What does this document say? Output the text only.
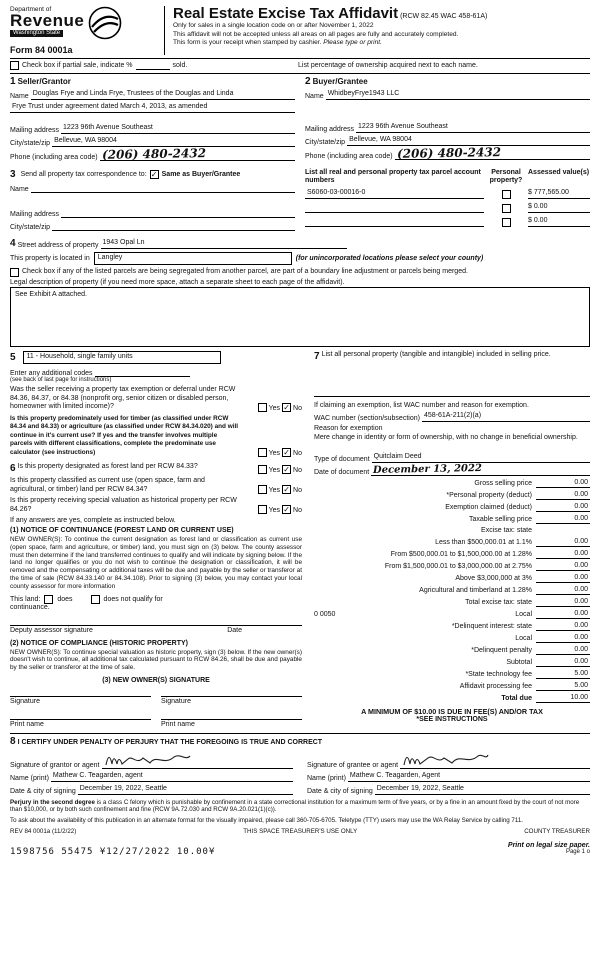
Department of
Revenue
Washington State
Form 84 0001a
Real Estate Excise Tax Affidavit (RCW 82.45 WAC 458-61A)
Only for sales in a single location code on or after November 1, 2022
This affidavit will not be accepted unless all areas on all pages are fully and accurately completed.
This form is your receipt when stamped by cashier. Please type or print.
Check box if partial sale, indicate %	sold.	List percentage of ownership acquired next to each name.
1 Seller/Grantor
Name Douglas Frye and Linda Frye, Trustees of the Douglas and Linda
Frye Trust under agreement dated March 4, 2013, as amended
Mailing address 1223 96th Avenue Southeast
City/state/zip Bellevue, WA 98004
Phone (including area code) (206) 480-2432
2 Buyer/Grantee
Name WhidbeyFrye1943 LLC
Mailing address 1223 96th Avenue Southeast
City/state/zip Bellevue, WA 98004
Phone (including area code) (206) 480-2432
3 Send all property tax correspondence to: ✓ Same as Buyer/Grantee
Name
Mailing address
City/state/zip
List all real and personal property tax parcel account numbers
Personal property?
Assessed value(s)
S6060-03-00016-0	$ 777,565.00
$ 0.00
$ 0.00
4 Street address of property 1943 Opal Ln
This property is located in	Langley	(for unincorporated locations please select your county)
Check box if any of the listed parcels are being segregated from another parcel, are part of a boundary line adjustment or parcels being merged.
Legal description of property (if you need more space, attach a separate sheet to each page of the affidavit).
See Exhibit A attached.
5	11 - Household, single family units
Enter any additional codes
(see back of last page for instructions)
Was the seller receiving a property tax exemption or deferral under RCW 84.36, 84.37, or 84.38 (nonprofit org, senior citizen or disabled person, homeowner with limited income)?	Yes ✓ No
Is this property predominately used for timber (as classified under RCW 84.34 and 84.33) or agriculture (as classified under RCW 84.34.020) and will continue in it's current use? If yes and the transfer involves multiple parcels with different classifications, complete the predominate use calculator (see instructions)	Yes ✓ No
6 Is this property designated as forest land per RCW 84.33?
Yes ✓ No
Is this property classified as current use (open space, farm and agricultural, or timber) land per RCW 84.34?	Yes ✓ No
Is this property receiving special valuation as historical property per RCW 84.26?	Yes ✓ No
If any answers are yes, complete as instructed below.
(1) NOTICE OF CONTINUANCE (FOREST LAND OR CURRENT USE)
NEW OWNER(S): To continue the current designation as forest land or classification as current use (open space, farm and agriculture, or timber) land, you must sign on (3) below. The county assessor must then determine if the land transferred continues to qualify and will indicate by signing below. If the land no longer qualifies or you do not wish to continue the designation or classification, it will be removed and the compensating or additional taxes will be due and payable by the seller or transferor at the time of sale (RCW 84.33.140 or 84.34.108). Prior to signing (3) below, you may contact your local county assessor for more information
This land: does	does not qualify for
continuance.
Deputy assessor signature	Date
(2) NOTICE OF COMPLIANCE (HISTORIC PROPERTY)
NEW OWNER(S): To continue special valuation as historic property, sign (3) below. If the new owner(s) doesn't wish to continue, all additional tax calculated pursuant to RCW 84.26, shall be due and payable by the seller or transferor at the time of sale.
(3) NEW OWNER(S) SIGNATURE
Signature	Signature
Print name	Print name
7 List all personal property (tangible and intangible) included in selling price.
If claiming an exemption, list WAC number and reason for exemption.
WAC number (section/subsection) 458-61A-211(2)(a)
Reason for exemption
Mere change in identity or form of ownership, with no change in beneficial ownership.
Type of document Quitclaim Deed
Date of document December 13, 2022
Gross selling price	0.00
*Personal property (deduct)	0.00
Exemption claimed (deduct)	0.00
Taxable selling price	0.00
Excise tax: state
Less than $500,000.01 at 1.1%	0.00
From $500,000.01 to $1,500,000.00 at 1.28%	0.00
From $1,500,000.01 to $3,000,000.00 at 2.75%	0.00
Above $3,000,000 at 3%	0.00
Agricultural and timberland at 1.28%	0.00
Total excise tax: state	0.00
0 0050	Local	0.00
*Delinquent interest: state	0.00
Local	0.00
*Delinquent penalty	0.00
Subtotal	0.00
*State technology fee	5.00
Affidavit processing fee	5.00
Total due	10.00
A MINIMUM OF $10.00 IS DUE IN FEE(S) AND/OR TAX
*SEE INSTRUCTIONS
8 I CERTIFY UNDER PENALTY OF PERJURY THAT THE FOREGOING IS TRUE AND CORRECT
Signature of grantor or agent
Name (print) Mathew C. Teagarden, agent
Date & city of signing December 19, 2022, Seattle
Signature of grantee or agent
Name (print) Mathew C. Teagarden, Agent
Date & city of signing December 19, 2022, Seattle
Perjury in the second degree is a class C felony which is punishable by confinement in a state correctional institution for a maximum term of five years, or by a fine in an amount fixed by the court of not more than $10,000, or by both such confinement and fine (RCW 9A.72.030 and RCW 9A.20.021(1)(c)).
To ask about the availability of this publication in an alternate format for the visually impaired, please call 360-705-6705. Teletype (TTY) users may use the WA Relay Service by calling 711.
REV 84 0001a (11/2/22)	THIS SPACE TREASURER'S USE ONLY	COUNTY TREASURER
1598756 55475 ¥12/27/2022 10.00¥
Print on legal size paper.
Page 1 o
